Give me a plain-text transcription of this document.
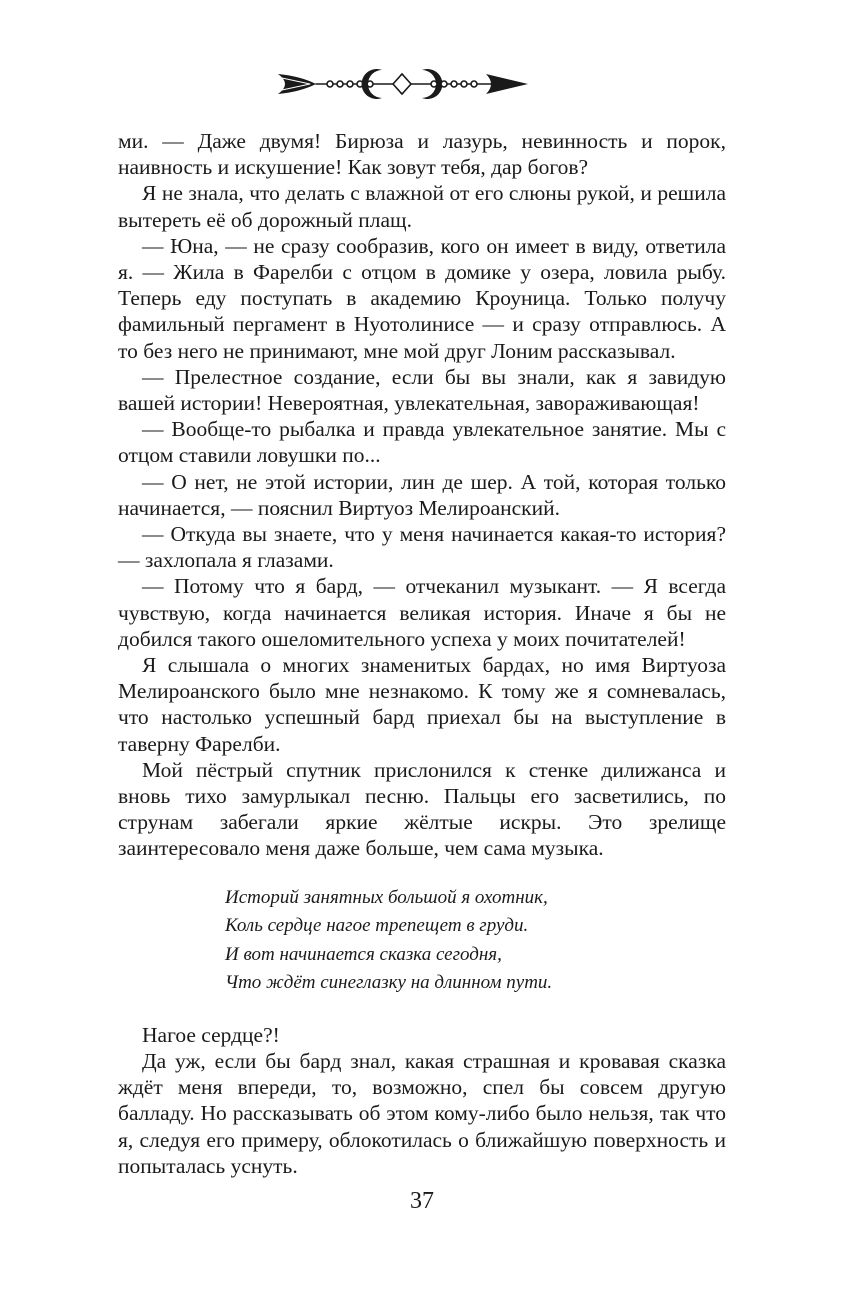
ми. — Даже двумя! Бирюза и лазурь, невинность и порок, наивность и искушение! Как зовут тебя, дар богов?

Я не знала, что делать с влажной от его слюны рукой, и решила вытереть её об дорожный плащ.

— Юна, — не сразу сообразив, кого он имеет в виду, ответила я. — Жила в Фарелби с отцом в домике у озера, ловила рыбу. Теперь еду поступать в академию Кроуница. Только получу фамильный пергамент в Нуотолинисе — и сразу отправлюсь. А то без него не принимают, мне мой друг Лоним рассказывал.

— Прелестное создание, если бы вы знали, как я завидую вашей истории! Невероятная, увлекательная, завораживающая!

— Вообще-то рыбалка и правда увлекательное занятие. Мы с отцом ставили ловушки по...

— О нет, не этой истории, лин де шер. А той, которая только начинается, — пояснил Виртуоз Мелироанский.

— Откуда вы знаете, что у меня начинается какая-то история? — захлопала я глазами.

— Потому что я бард, — отчеканил музыкант. — Я всегда чувствую, когда начинается великая история. Иначе я бы не добился такого ошеломительного успеха у моих почитателей!

Я слышала о многих знаменитых бардах, но имя Виртуоза Мелироанского было мне незнакомо. К тому же я сомневалась, что настолько успешный бард приехал бы на выступление в таверну Фарелби.

Мой пёстрый спутник прислонился к стенке дилижанса и вновь тихо замурлыкал песню. Пальцы его засветились, по струнам забегали яркие жёлтые искры. Это зрелище заинтересовало меня даже больше, чем сама музыка.

Историй занятных большой я охотник,
Коль сердце нагое трепещет в груди.
И вот начинается сказка сегодня,
Что ждёт синеглазку на длинном пути.

Нагое сердце?!

Да уж, если бы бард знал, какая страшная и кровавая сказка ждёт меня впереди, то, возможно, спел бы совсем другую балладу. Но рассказывать об этом кому-либо было нельзя, так что я, следуя его примеру, облокотилась о ближайшую поверхность и попыталась уснуть.

37
